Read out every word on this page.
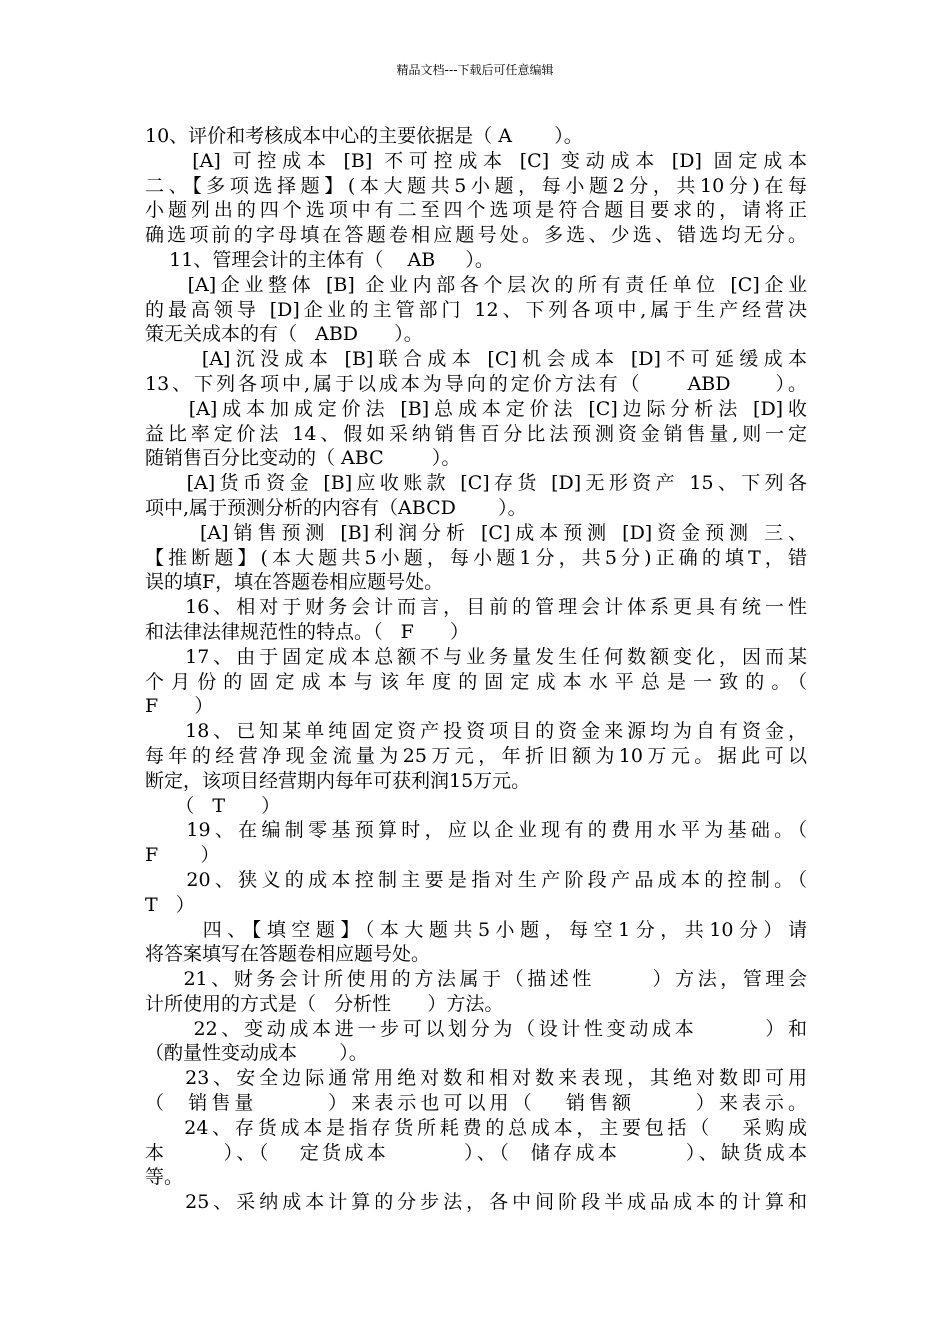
精品文档---下载后可任意编辑
10、评价和考核成本中心的主要依据是（ A       ）。
[A] 可控成本 [B] 不可控成本 [C] 变动成本 [D] 固定成本
二、【多项选择题】(本大题共5小题，每小题2分，共10分)在每
小题列出的四个选项中有二至四个选项是符合题目要求的，请将正
确选项前的字母填在答题卷相应题号处。多选、少选、错选均无分。
11、管理会计的主体有（    AB     ）。
[A]企业整体 [B] 企业内部各个层次的所有责任单位 [C]企业
的最高领导 [D]企业的主管部门 12、下列各项中,属于生产经营决
策无关成本的有（   ABD      ）。
[A]沉没成本 [B]联合成本 [C]机会成本 [D]不可延缓成本
13、下列各项中,属于以成本为导向的定价方法有（     ABD     ）。
[A]成本加成定价法 [B]总成本定价法 [C]边际分析法 [D]收
益比率定价法 14、假如采纳销售百分比法预测资金销售量,则一定
随销售百分比变动的（ ABC        ）。
[A]货币资金 [B]应收账款 [C]存货 [D]无形资产 15、下列各
项中,属于预测分析的内容有（ABCD       ）。
[A]销售预测 [B]利润分析 [C]成本预测 [D]资金预测 三、
【推断题】(本大题共5小题，每小题1分，共5分)正确的填T，错
误的填F，填在答题卷相应题号处。
16、相对于财务会计而言，目前的管理会计体系更具有统一性
和法律法律规范性的特点。（   F      ）
17、由于固定成本总额不与业务量发生任何数额变化，因而某
个月份的固定成本与该年度的固定成本水平总是一致的。（
F      ）
18、已知某单纯固定资产投资项目的资金来源均为自有资金，
每年的经营净现金流量为25万元，年折旧额为10万元。据此可以
断定，该项目经营期内每年可获利润15万元。
（   T      ）
19、在编制零基预算时，应以企业现有的费用水平为基础。（
F       ）
20、狭义的成本控制主要是指对生产阶段产品成本的控制。（
T   ）
四、【填空题】（本大题共5小题，每空1分，共10分）请
将答案填写在答题卷相应题号处。
21、财务会计所使用的方法属于（描述性      ）方法，管理会
计所使用的方式是（   分析性      ）方法。
22、变动成本进一步可以划分为（设计性变动成本       ）和
（酌量性变动成本       ）。
23、安全边际通常用绝对数和相对数来表现，其绝对数即可用
（  销售量       ）来表示也可以用（   销售额      ）来表示。
24、存货成本是指存货所耗费的总成本，主要包括（   采购成
本      ）、（   定货成本        ）、（  储存成本       ）、缺货成本
等。
25、采纳成本计算的分步法，各中间阶段半成品成本的计算和
